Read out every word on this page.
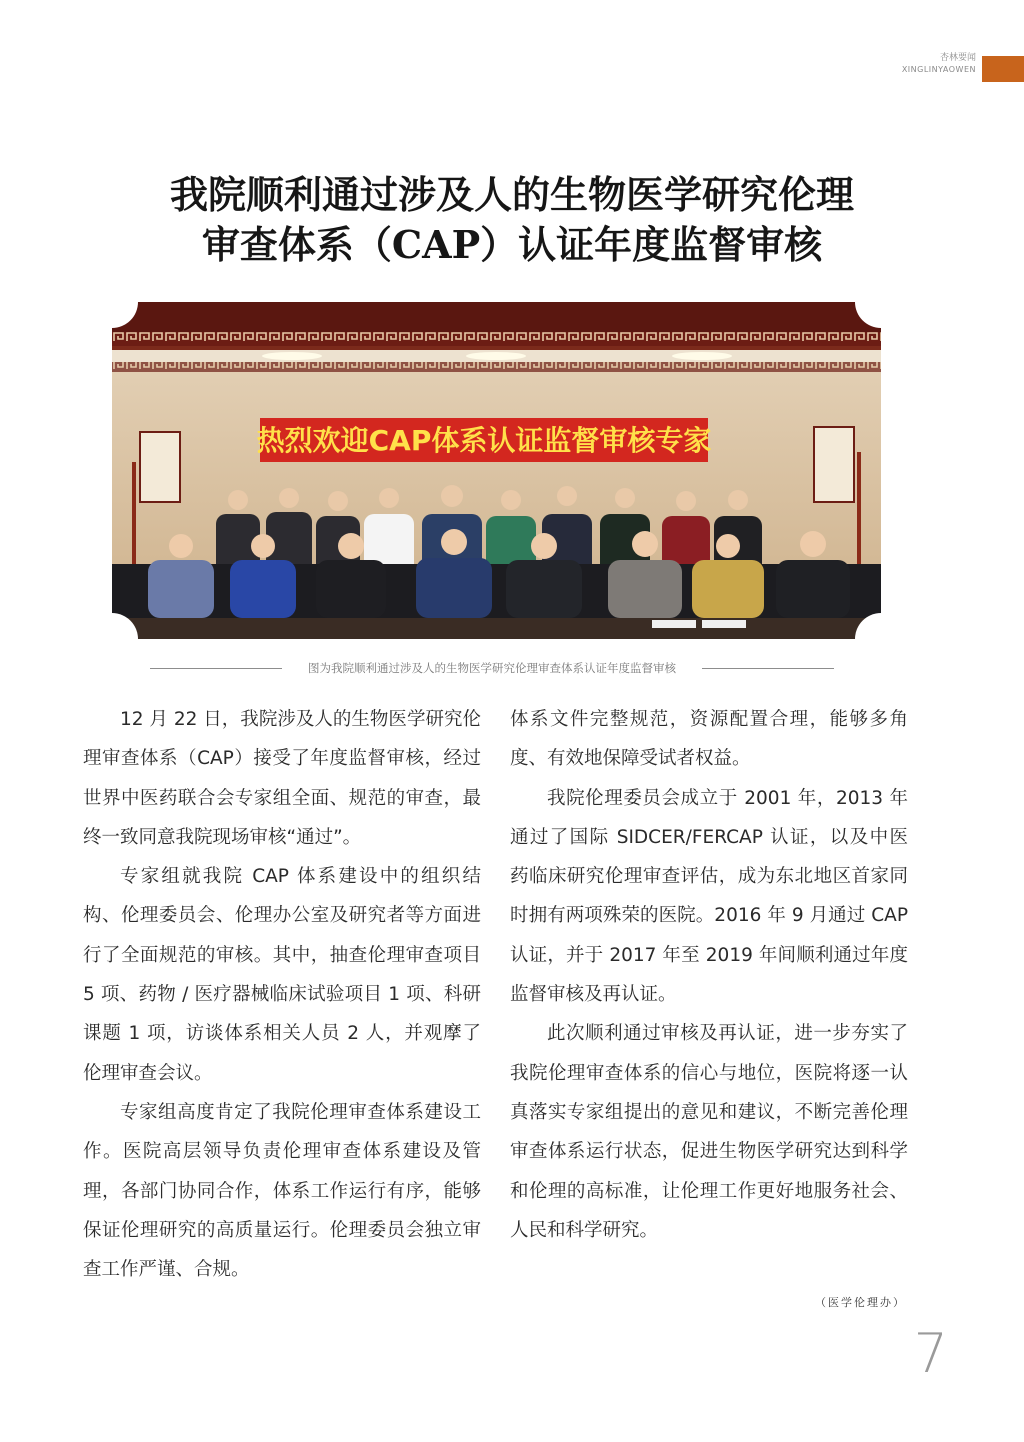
杏林要闻
XINGLINYAOWEN
我院顺利通过涉及人的生物医学研究伦理
审查体系（CAP）认证年度监督审核
热烈欢迎CAP体系认证监督审核专家
图为我院顺利通过涉及人的生物医学研究伦理审查体系认证年度监督审核

12 月 22 日，我院涉及人的生物医学研究伦理审查体系（CAP）接受了年度监督审核，经过世界中医药联合会专家组全面、规范的审查，最终一致同意我院现场审核“通过”。

专家组就我院 CAP 体系建设中的组织结构、伦理委员会、伦理办公室及研究者等方面进行了全面规范的审核。其中，抽查伦理审查项目 5 项、药物 / 医疗器械临床试验项目 1 项、科研课题 1 项，访谈体系相关人员 2 人，并观摩了伦理审查会议。

专家组高度肯定了我院伦理审查体系建设工作。医院高层领导负责伦理审查体系建设及管理，各部门协同合作，体系工作运行有序，能够保证伦理研究的高质量运行。伦理委员会独立审查工作严谨、合规。

体系文件完整规范，资源配置合理，能够多角度、有效地保障受试者权益。

我院伦理委员会成立于 2001 年，2013 年通过了国际 SIDCER/FERCAP 认证，以及中医药临床研究伦理审查评估，成为东北地区首家同时拥有两项殊荣的医院。2016 年 9 月通过 CAP 认证，并于 2017 年至 2019 年间顺利通过年度监督审核及再认证。

此次顺利通过审核及再认证，进一步夯实了我院伦理审查体系的信心与地位，医院将逐一认真落实专家组提出的意见和建议，不断完善伦理审查体系运行状态，促进生物医学研究达到科学和伦理的高标准，让伦理工作更好地服务社会、人民和科学研究。

（医学伦理办）
7
